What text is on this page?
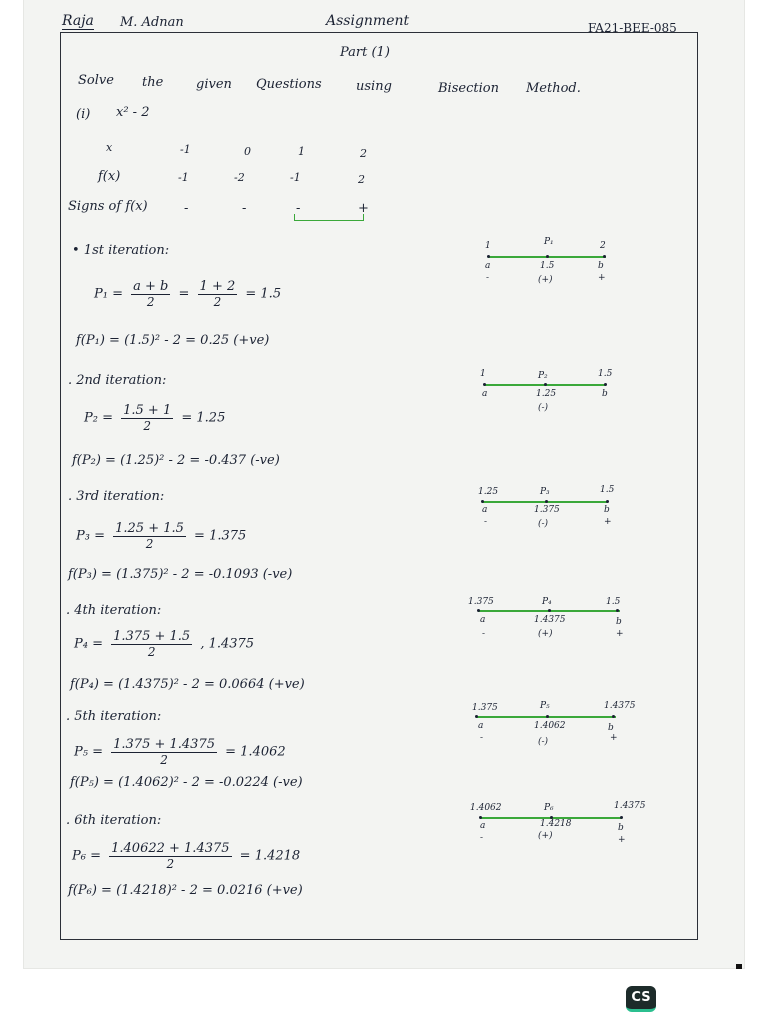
Raja M. Adnan	Assignment	FA21-BEE-085
Part (1)
Solve the	given Questions	using	Bisection Method.
(i) x² - 2
x	-1	0	1	2
f(x)	-1	-2	-1	2
Signs of f(x)	-	-	-	+
• 1st iteration:
$P_1 = \frac{a + b}{2} = \frac{1 + 2}{2} = 1.5$
f(P₁) = (1.5)² - 2 = 0.25 (+ve)
. 2nd iteration:
$P_2 = \frac{1.5 + 1}{2} = 1.25$
f(P₂) = (1.25)² - 2 = -0.437 (-ve)
. 3rd iteration:
$P_3 = \frac{1.25 + 1.5}{2} = 1.375$
f(P₃) = (1.375)² - 2 = -0.1093 (-ve)
. 4th iteration:
$P_4 = \frac{1.375 + 1.5}{2}$ , 1.4375
f(P₄) = (1.4375)² - 2 = 0.0664 (+ve)
. 5th iteration:
$P_5 = \frac{1.375 + 1.4375}{2} = 1.4062$
f(P₅) = (1.4062)² - 2 = -0.0224 (-ve)
. 6th iteration:
$P_6 = \frac{1.40622 + 1.4375}{2} = 1.4218$
f(P₆) = (1.4218)² - 2 = 0.0216 (+ve)
1	P₁	2
a	1.5	b
-	(+)	+
1	P₂	1.5
a	1.25	b
(-)
1.25	P₃	1.5
a	1.375	b
-	(-)	+
1.375	P₄	1.5
a	1.4375	b
-	(+)	+
1.375	P₅	1.4375
a	1.4062	b
-	(-)	+
1.4062	P₆	1.4375
a	1.4218	b
-	(+)	+
CS
